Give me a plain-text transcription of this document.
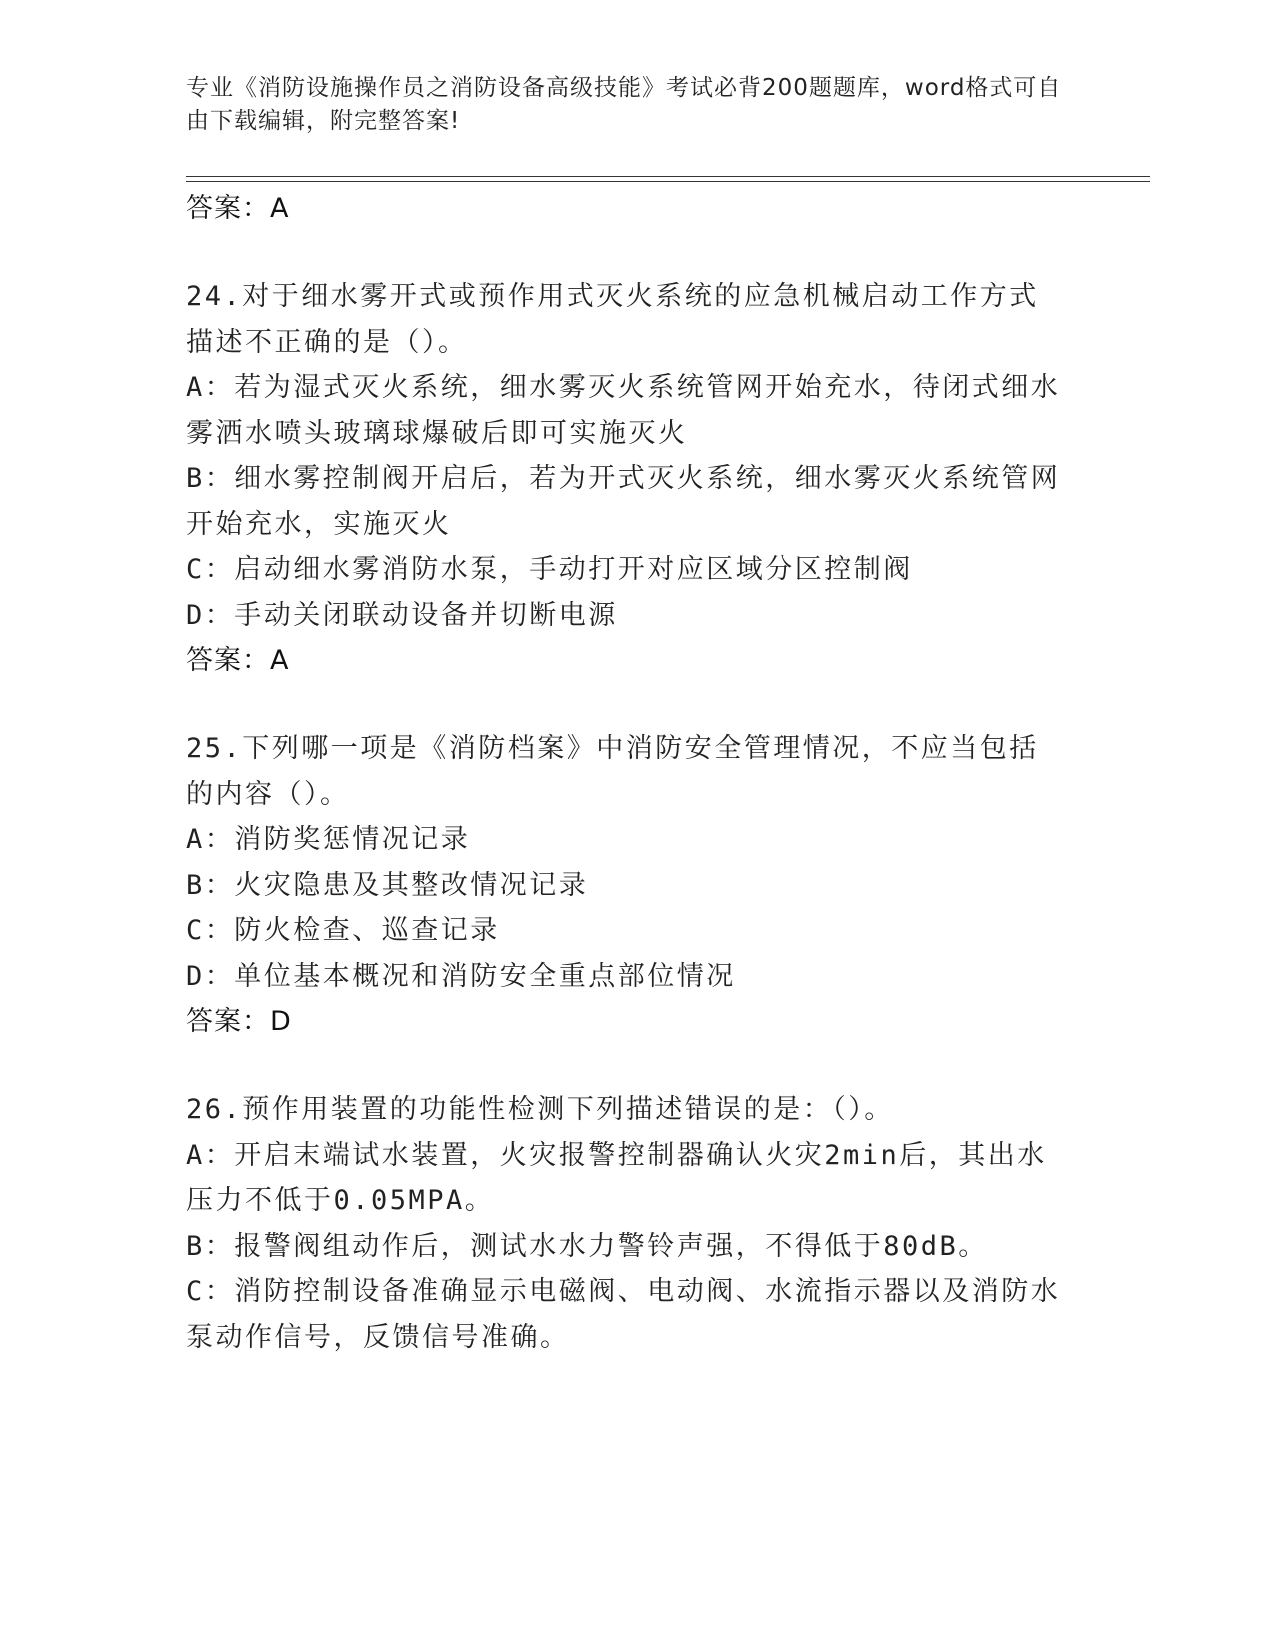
专业《消防设施操作员之消防设备高级技能》考试必背200题题库，word格式可自由下载编辑，附完整答案!
答案：A

24.对于细水雾开式或预作用式灭火系统的应急机械启动工作方式描述不正确的是（）。

A：若为湿式灭火系统，细水雾灭火系统管网开始充水，待闭式细水雾洒水喷头玻璃球爆破后即可实施灭火

B：细水雾控制阀开启后，若为开式灭火系统，细水雾灭火系统管网开始充水，实施灭火

C：启动细水雾消防水泵，手动打开对应区域分区控制阀

D：手动关闭联动设备并切断电源

答案：A

25.下列哪一项是《消防档案》中消防安全管理情况，不应当包括的内容（）。

A：消防奖惩情况记录

B：火灾隐患及其整改情况记录

C：防火检查、巡查记录

D：单位基本概况和消防安全重点部位情况

答案：D

26.预作用装置的功能性检测下列描述错误的是：（）。

A：开启末端试水装置，火灾报警控制器确认火灾2min后，其出水压力不低于0.05MPA。

B：报警阀组动作后，测试水水力警铃声强，不得低于80dB。

C：消防控制设备准确显示电磁阀、电动阀、水流指示器以及消防水泵动作信号，反馈信号准确。
